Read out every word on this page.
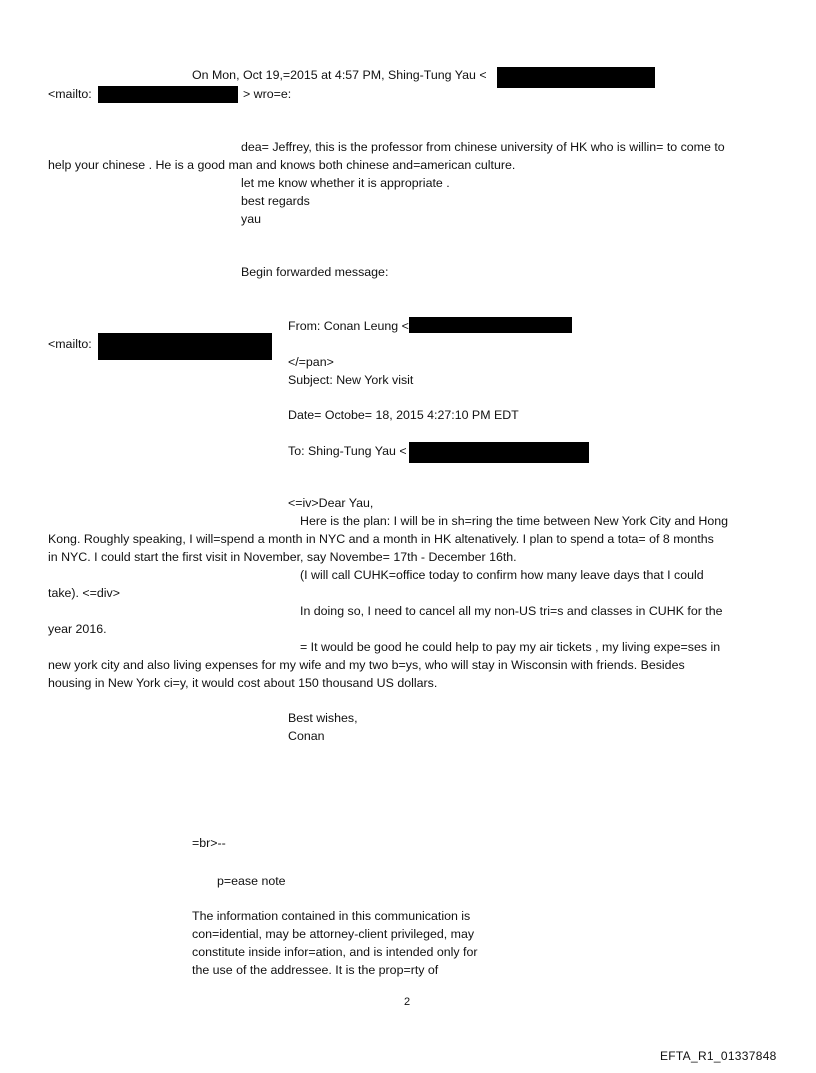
On Mon, Oct 19,=2015 at 4:57 PM, Shing-Tung Yau <
<mailto:	> wro=e:
dea= Jeffrey, this is the professor from chinese university of HK who is willin= to come to
help your chinese . He is a good man and knows both chinese and=american culture.
let me know whether it is appropriate .
best regards
yau
Begin forwarded message:
From: Conan Leung <
<mailto:
</=pan>
Subject: New York visit
Date= Octobe= 18, 2015 4:27:10 PM EDT
To: Shing-Tung Yau <
<=iv>Dear Yau,
Here is the plan: I will be in sh=ring the time between New York City and Hong
Kong. Roughly speaking, I will=spend a month in NYC and a month in HK altenatively. I plan to spend a tota= of 8 months
in NYC. I could start the first visit in November, say Novembe= 17th - December 16th.
(I will call CUHK=office today to confirm how many leave days that I could
take). <=div>
In doing so, I need to cancel all my non-US tri=s and classes in CUHK for the
year 2016.
= It would be good he could help to pay my air tickets , my living expe=ses in
new york city and also living expenses for my wife and my two b=ys, who will stay in Wisconsin with friends. Besides
housing in New York ci=y, it would cost about 150 thousand US dollars.
Best wishes,
Conan
=br>--
p=ease note
The information contained in this communication is
con=idential, may be attorney-client privileged, may
constitute inside infor=ation, and is intended only for
the use of the addressee. It is the prop=rty of
2
EFTA_R1_01337848
